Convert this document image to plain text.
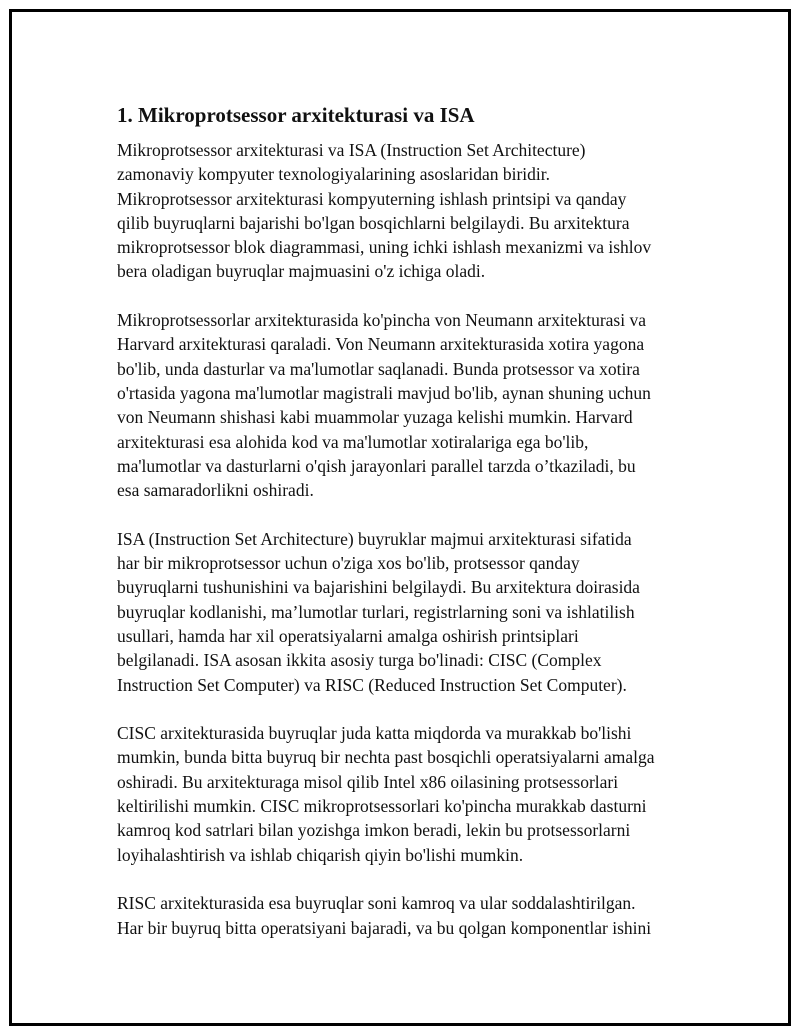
1. Mikroprotsessor arxitekturasi va ISA

Mikroprotsessor arxitekturasi va ISA (Instruction Set Architecture)
zamonaviy kompyuter texnologiyalarining asoslaridan biridir.
Mikroprotsessor arxitekturasi kompyuterning ishlash printsipi va qanday
qilib buyruqlarni bajarishi bo'lgan bosqichlarni belgilaydi. Bu arxitektura
mikroprotsessor blok diagrammasi, uning ichki ishlash mexanizmi va ishlov
bera oladigan buyruqlar majmuasini o'z ichiga oladi.

Mikroprotsessorlar arxitekturasida ko'pincha von Neumann arxitekturasi va
Harvard arxitekturasi qaraladi. Von Neumann arxitekturasida xotira yagona
bo'lib, unda dasturlar va ma'lumotlar saqlanadi. Bunda protsessor va xotira
o'rtasida yagona ma'lumotlar magistrali mavjud bo'lib, aynan shuning uchun
von Neumann shishasi kabi muammolar yuzaga kelishi mumkin. Harvard
arxitekturasi esa alohida kod va ma'lumotlar xotiralariga ega bo'lib,
ma'lumotlar va dasturlarni o'qish jarayonlari parallel tarzda o’tkaziladi, bu
esa samaradorlikni oshiradi.

ISA (Instruction Set Architecture) buyruklar majmui arxitekturasi sifatida
har bir mikroprotsessor uchun o'ziga xos bo'lib, protsessor qanday
buyruqlarni tushunishini va bajarishini belgilaydi. Bu arxitektura doirasida
buyruqlar kodlanishi, ma’lumotlar turlari, registrlarning soni va ishlatilish
usullari, hamda har xil operatsiyalarni amalga oshirish printsiplari
belgilanadi. ISA asosan ikkita asosiy turga bo'linadi: CISC (Complex
Instruction Set Computer) va RISC (Reduced Instruction Set Computer).

CISC arxitekturasida buyruqlar juda katta miqdorda va murakkab bo'lishi
mumkin, bunda bitta buyruq bir nechta past bosqichli operatsiyalarni amalga
oshiradi. Bu arxitekturaga misol qilib Intel x86 oilasining protsessorlari
keltirilishi mumkin. CISC mikroprotsessorlari ko'pincha murakkab dasturni
kamroq kod satrlari bilan yozishga imkon beradi, lekin bu protsessorlarni
loyihalashtirish va ishlab chiqarish qiyin bo'lishi mumkin.

RISC arxitekturasida esa buyruqlar soni kamroq va ular soddalashtirilgan.
Har bir buyruq bitta operatsiyani bajaradi, va bu qolgan komponentlar ishini
